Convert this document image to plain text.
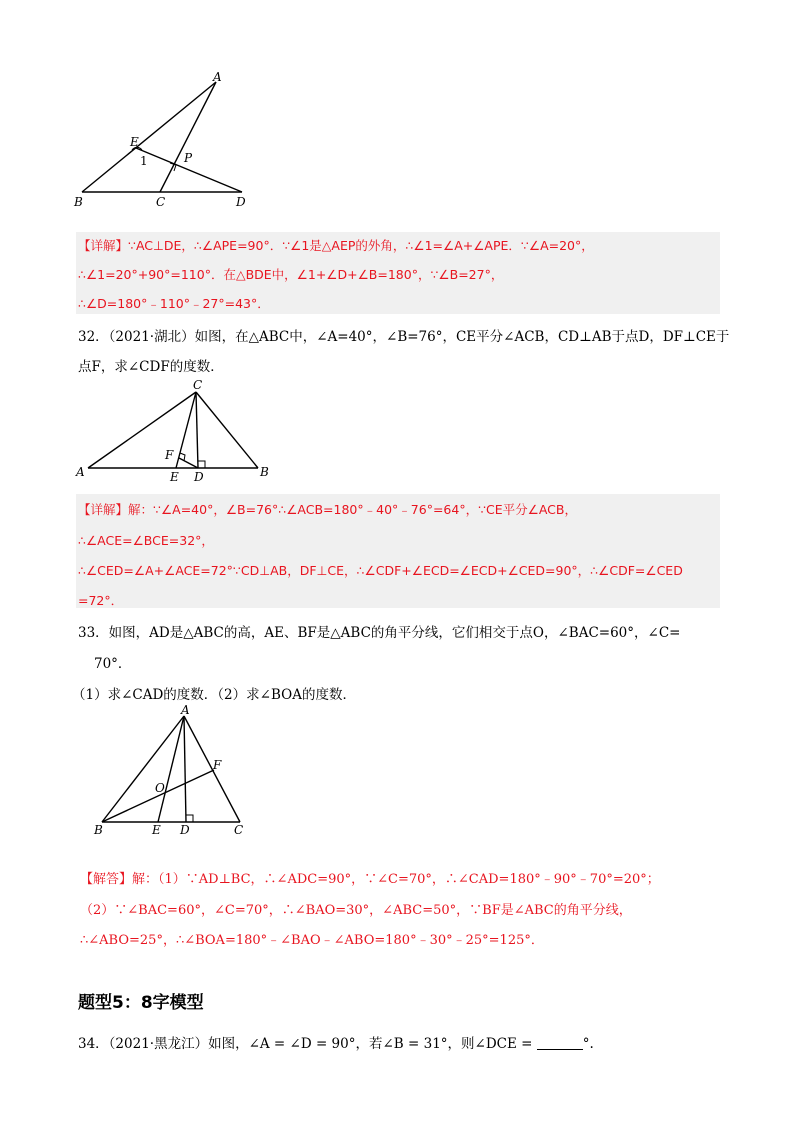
A
E
1	P
B	C	D
【详解】∵AC⊥DE，∴∠APE=90°．∵∠1是△AEP的外角，∴∠1=∠A+∠APE．∵∠A=20°，
∴∠1=20°+90°=110°．在△BDE中，∠1+∠D+∠B=180°，∵∠B=27°，
∴∠D=180°﹣110°﹣27°=43°．
32．（2021·湖北）如图，在△ABC中，∠A=40°，∠B=76°，CE平分∠ACB，CD⊥AB于点D，DF⊥CE于
点F，求∠CDF的度数．
C
F
A	E D	B
【详解】解：∵∠A=40°，∠B=76°∴∠ACB=180°﹣40°﹣76°=64°，∵CE平分∠ACB，
∴∠ACE=∠BCE=32°，
∴∠CED=∠A+∠ACE=72°∵CD⊥AB，DF⊥CE，∴∠CDF+∠ECD=∠ECD+∠CED=90°，∴∠CDF=∠CED
=72°．
33．如图，AD是△ABC的高，AE、BF是△ABC的角平分线，它们相交于点O，∠BAC=60°，∠C=
70°．
（1）求∠CAD的度数．（2）求∠BOA的度数．
A
F
O
B	E D	C
【解答】解：（1）∵AD⊥BC，∴∠ADC=90°，∵∠C=70°，∴∠CAD=180°﹣90°﹣70°=20°；
（2）∵∠BAC=60°，∠C=70°，∴∠BAO=30°，∠ABC=50°，∵BF是∠ABC的角平分线，
∴∠ABO=25°，∴∠BOA=180°﹣∠BAO﹣∠ABO=180°﹣30°﹣25°=125°．
题型5：8字模型
34．（2021·黑龙江）如图，∠A = ∠D = 90°，若∠B = 31°，则∠DCE =	°.
